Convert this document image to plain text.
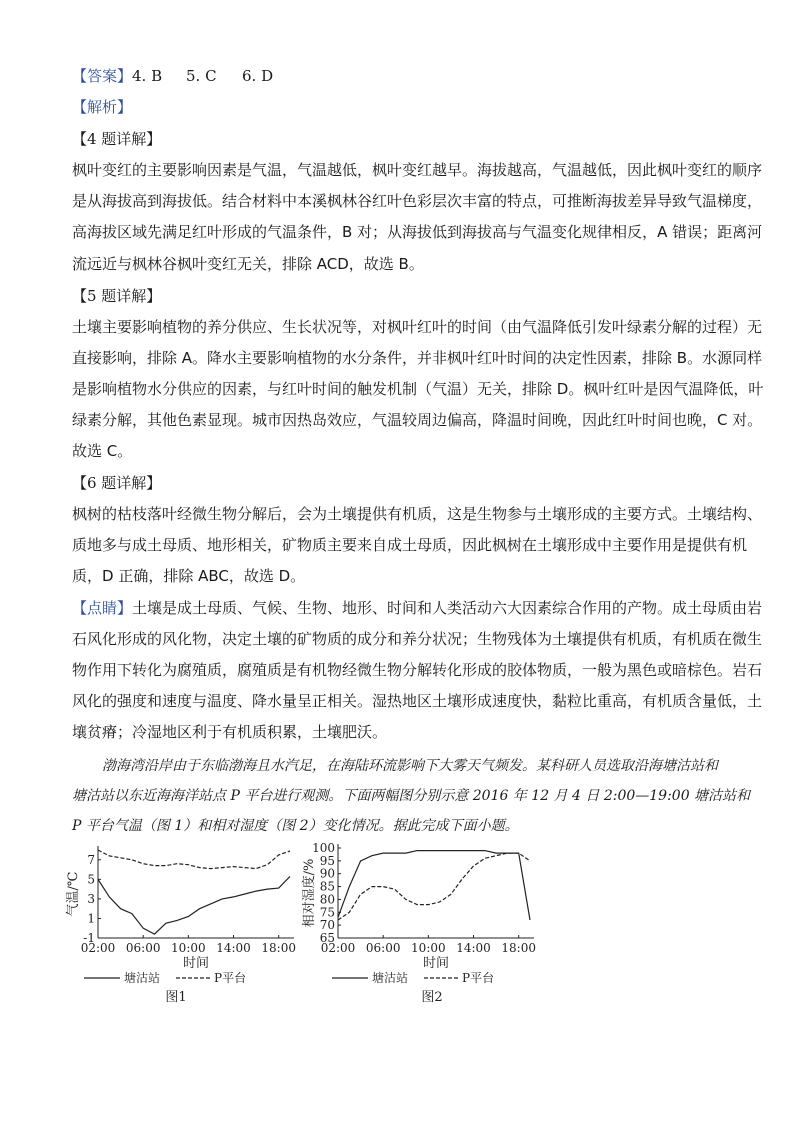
【答案】4. B 5. C 6. D
【解析】
【4 题详解】
枫叶变红的主要影响因素是气温，气温越低，枫叶变红越早。海拔越高，气温越低，因此枫叶变红的顺序
是从海拔高到海拔低。结合材料中本溪枫林谷红叶色彩层次丰富的特点，可推断海拔差异导致气温梯度，
高海拔区域先满足红叶形成的气温条件，B 对；从海拔低到海拔高与气温变化规律相反，A 错误；距离河
流远近与枫林谷枫叶变红无关，排除 ACD，故选 B。
【5 题详解】
土壤主要影响植物的养分供应、生长状况等，对枫叶红叶的时间（由气温降低引发叶绿素分解的过程）无
直接影响，排除 A。降水主要影响植物的水分条件，并非枫叶红叶时间的决定性因素，排除 B。水源同样
是影响植物水分供应的因素，与红叶时间的触发机制（气温）无关，排除 D。枫叶红叶是因气温降低，叶
绿素分解，其他色素显现。城市因热岛效应，气温较周边偏高，降温时间晚，因此红叶时间也晚，C 对。
故选 C。
【6 题详解】
枫树的枯枝落叶经微生物分解后，会为土壤提供有机质，这是生物参与土壤形成的主要方式。土壤结构、
质地多与成土母质、地形相关，矿物质主要来自成土母质，因此枫树在土壤形成中主要作用是提供有机
质，D 正确，排除 ABC，故选 D。
【点睛】土壤是成土母质、气候、生物、地形、时间和人类活动六大因素综合作用的产物。成土母质由岩
石风化形成的风化物，决定土壤的矿物质的成分和养分状况；生物残体为土壤提供有机质，有机质在微生
物作用下转化为腐殖质，腐殖质是有机物经微生物分解转化形成的胶体物质，一般为黑色或暗棕色。岩石
风化的强度和速度与温度、降水量呈正相关。湿热地区土壤形成速度快，黏粒比重高，有机质含量低，土
壤贫瘠；冷湿地区利于有机质积累，土壤肥沃。
渤海湾沿岸由于东临渤海且水汽足，在海陆环流影响下大雾天气频发。某科研人员选取沿海塘沽站和
塘沽站以东近海海洋站点 P 平台进行观测。下面两幅图分别示意 2016 年 12 月 4 日 2:00—19:00 塘沽站和
P 平台气温（图 1）和相对湿度（图 2）变化情况。据此完成下面小题。
-1
1
3
5
7
02:00 06:00 10:00 14:00 18:00
时间
气温/℃
塘沽站	P平台
图1
65
70
75
80
85
90
95
100
02:00 06:00 10:00 14:00 18:00
时间
相对湿度/%
塘沽站	P平台
图2
